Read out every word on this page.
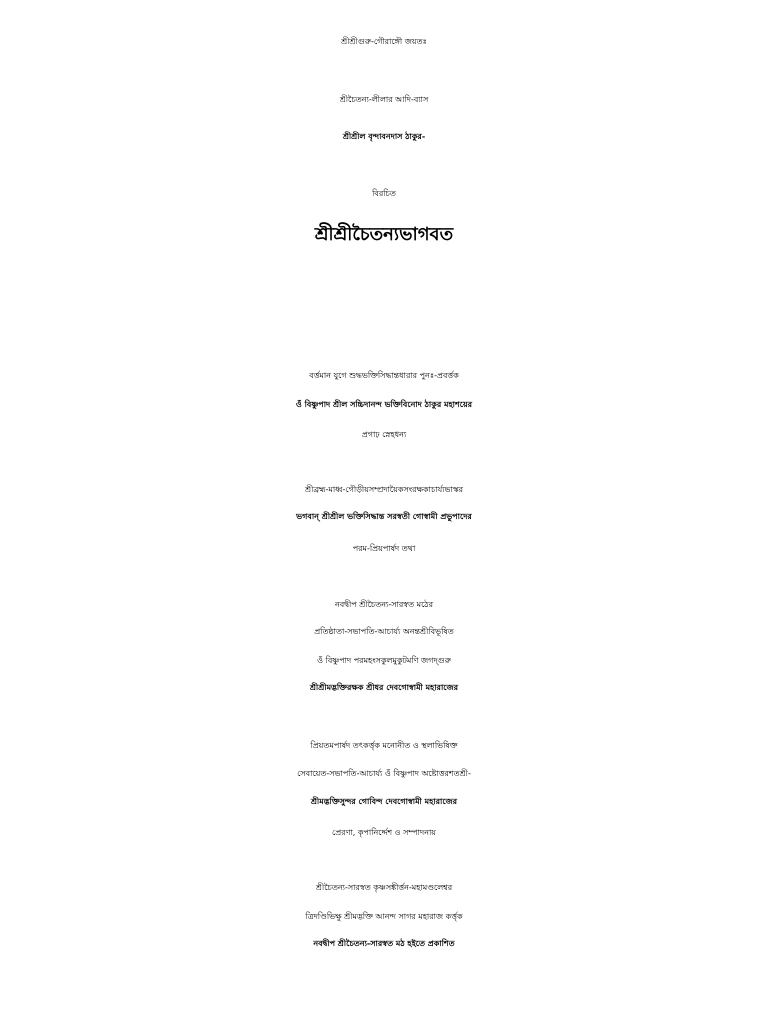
শ্রীশ্রীগুরু-গৌরাঙ্গৌ জয়তঃ
শ্রীচৈতন্য-লীলার আদি-ব্যাস
শ্রীশ্রীল বৃন্দাবনদাস ঠাকুর-
বিরচিত
শ্রীশ্রীচৈতন্যভাগবত
বর্ত্তমান যুগে শুদ্ধভক্তিসিদ্ধান্তধারার পুনঃ-প্রবর্ত্তক
ওঁ বিষ্ণুপাদ শ্রীল সচ্চিদানন্দ ভক্তিবিনোদ ঠাকুর মহাশয়ের
প্রগাঢ় স্নেহধন্য
শ্রীব্রহ্ম-মাধ্ব-গৌড়ীয়সম্প্রদায়ৈকসংরক্ষকাচার্য্যভাস্কর
ভগবান্ শ্রীশ্রীল ভক্তিসিদ্ধান্ত সরস্বতী গোস্বামী প্রভুপাদের
পরম-প্রিয়পার্ষদ তথা
নবদ্বীপ শ্রীচৈতন্য-সারস্বত মঠের
প্রতিষ্ঠাতা-সভাপতি-আচার্য্য অনন্তশ্রীবিভূষিত
ওঁ বিষ্ণুপাদ পরমহংসকুলমুকুটমণি জগদ্গুরু
শ্রীশ্রীমদ্ভক্তিরক্ষক শ্রীধর দেবগোস্বামী মহারাজের
প্রিয়তমপার্ষদ তৎকর্ত্তৃক মনোনীত ও স্থলাভিষিক্ত
সেবায়েত-সভাপতি-আচার্য্য ওঁ বিষ্ণুপাদ অষ্টোত্তরশতশ্রী-
শ্রীমদ্ভক্তিসুন্দর গোবিন্দ দেবগোস্বামী মহারাজের
প্রেরণা, কৃপানির্দ্দেশ ও সম্পাদনায়
শ্রীচৈতন্য-সারস্বত কৃষ্ণসঙ্কীর্ত্তন-মহামণ্ডলেশ্বর
ত্রিদণ্ডিভিক্ষু শ্রীমদ্ভক্তি আনন্দ সাগর মহারাজ কর্ত্তৃক
নবদ্বীপ শ্রীচৈতন্য-সারস্বত মঠ হইতে প্রকাশিত
